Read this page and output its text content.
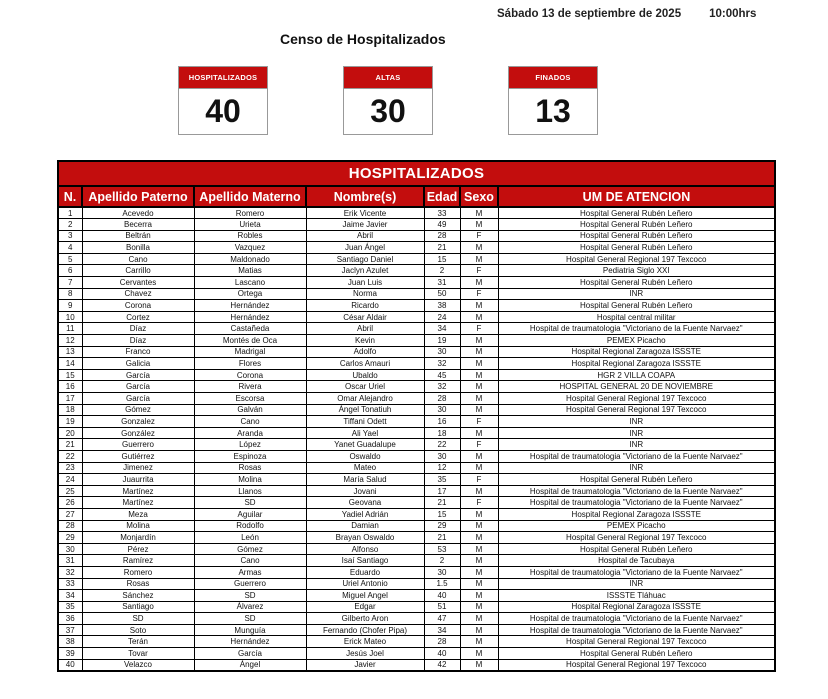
Sábado 13 de septiembre de 2025 10:00hrs
Censo de Hospitalizados
HOSPITALIZADOS
40
ALTAS
30
FINADOS
13
HOSPITALIZADOS						
N.	Apellido Paterno	Apellido Materno	Nombre(s)	Edad	Sexo	UM DE ATENCION
1	Acevedo	Romero	Erik Vicente	33	M	Hospital General Rubén Leñero
2	Becerra	Urieta	Jaime Javier	49	M	Hospital General Rubén Leñero
3	Beltrán	Robles	Abril	28	F	Hospital General Rubén Leñero
4	Bonilla	Vazquez	Juan Ángel	21	M	Hospital General Rubén Leñero
5	Cano	Maldonado	Santiago Daniel	15	M	Hospital General Regional 197 Texcoco
6	Carrillo	Matias	Jaclyn Azulet	2	F	Pediatria Siglo XXI
7	Cervantes	Lascano	Juan Luis	31	M	Hospital General Rubén Leñero
8	Chavez	Ortega	Norma	50	F	INR
9	Corona	Hernández	Ricardo	38	M	Hospital General Rubén Leñero
10	Cortez	Hernández	César Aldair	24	M	Hospital central militar
11	Díaz	Castañeda	Abril	34	F	Hospital de traumatologia "Victoriano de la Fuente Narvaez"
12	Díaz	Montés de Oca	Kevin	19	M	PEMEX Picacho
13	Franco	Madrigal	Adolfo	30	M	Hospital Regional Zaragoza ISSSTE
14	Galicia	Flores	Carlos Amauri	32	M	Hospital Regional Zaragoza ISSSTE
15	García	Corona	Ubaldo	45	M	HGR 2 VILLA COAPA
16	García	Rivera	Oscar Uriel	32	M	HOSPITAL GENERAL 20 DE NOVIEMBRE
17	García	Escorsa	Omar Alejandro	28	M	Hospital General Regional 197 Texcoco
18	Gómez	Galván	Ángel Tonatiuh	30	M	Hospital General Regional 197 Texcoco
19	Gonzalez	Cano	Tiffani Odett	16	F	INR
20	González	Aranda	Ali Yael	18	M	INR
21	Guerrero	López	Yanet Guadalupe	22	F	INR
22	Gutiérrez	Espinoza	Oswaldo	30	M	Hospital de traumatologia "Victoriano de la Fuente Narvaez"
23	Jimenez	Rosas	Mateo	12	M	INR
24	Juaurrita	Molina	María Salud	35	F	Hospital General Rubén Leñero
25	Martínez	Llanos	Jovani	17	M	Hospital de traumatologia "Victoriano de la Fuente Narvaez"
26	Martínez	SD	Geovana	21	F	Hospital de traumatologia "Victoriano de la Fuente Narvaez"
27	Meza	Aguilar	Yadiel Adrián	15	M	Hospital Regional Zaragoza ISSSTE
28	Molina	Rodolfo	Damian	29	M	PEMEX Picacho
29	Monjardín	León	Brayan Oswaldo	21	M	Hospital General Regional 197 Texcoco
30	Pérez	Gómez	Alfonso	53	M	Hospital General Rubén Leñero
31	Ramírez	Cano	Isaí Santiago	2	M	Hospital de Tacubaya
32	Romero	Armas	Eduardo	30	M	Hospital de traumatologia "Victoriano de la Fuente Narvaez"
33	Rosas	Guerrero	Uriel Antonio	1.5	M	INR
34	Sánchez	SD	Miguel Angel	40	M	ISSSTE Tláhuac
35	Santiago	Álvarez	Edgar	51	M	Hospital Regional Zaragoza ISSSTE
36	SD	SD	Gilberto Aron	47	M	Hospital de traumatologia "Victoriano de la Fuente Narvaez"
37	Soto	Munguía	Fernando (Chofer Pipa)	34	M	Hospital de traumatologia "Victoriano de la Fuente Narvaez"
38	Terán	Hernández	Erick Mateo	28	M	Hospital General Regional 197 Texcoco
39	Tovar	García	Jesús Joel	40	M	Hospital General Rubén Leñero
40	Velazco	Ángel	Javier	42	M	Hospital General Regional 197 Texcoco
